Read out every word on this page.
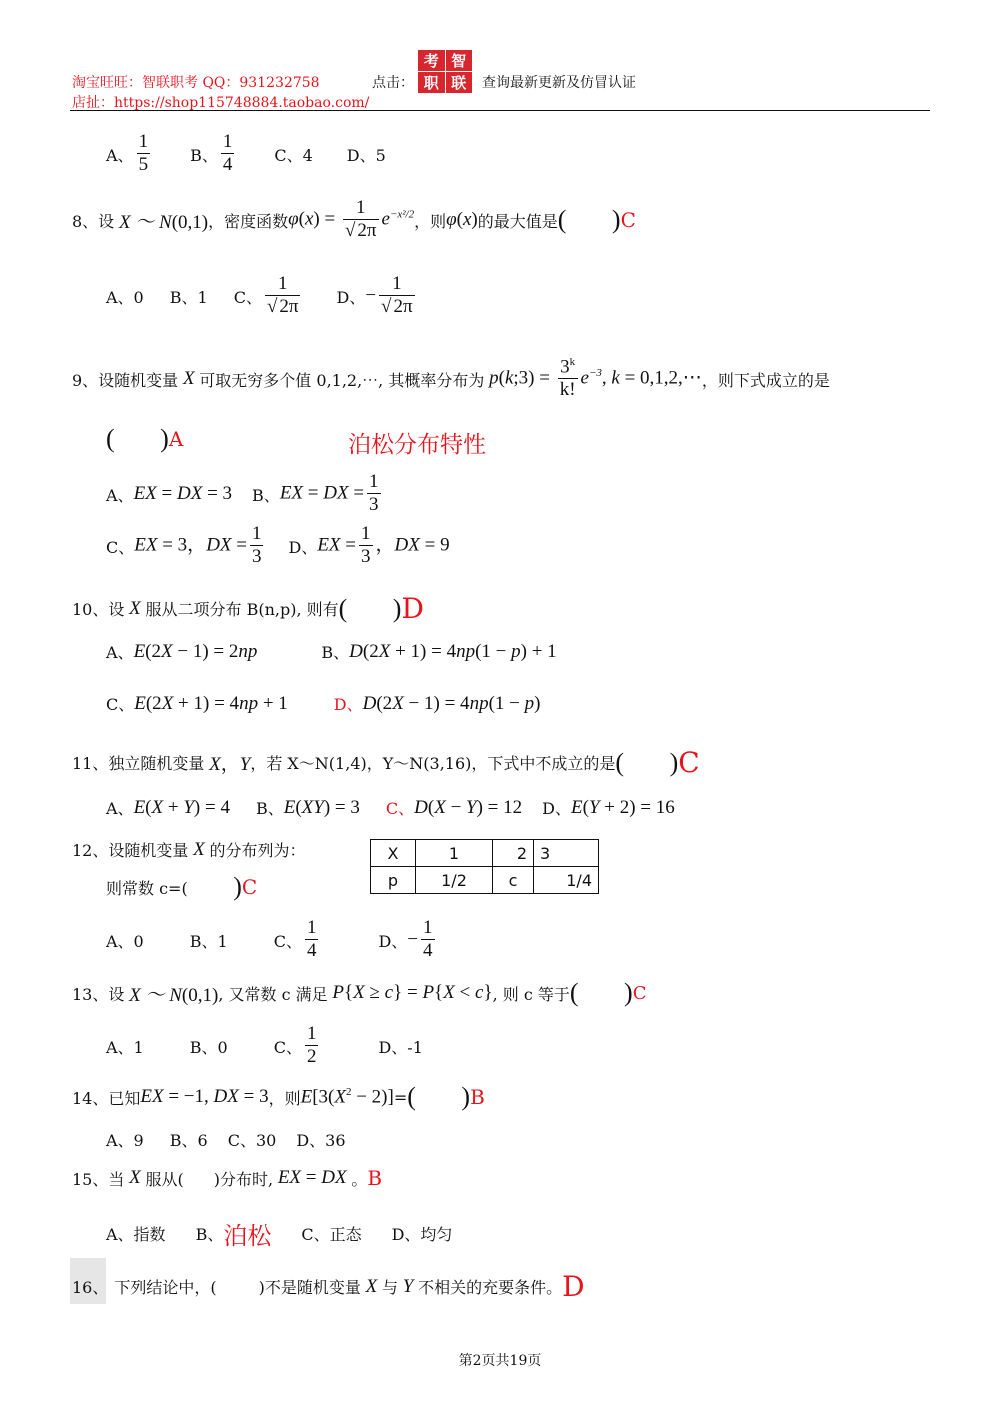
淘宝旺旺：智联职考 QQ：931232758
店扯：https://shop115748884.taobao.com/
点击：
考 智
职 联	查询最新更新及仿冒认证
A、 $\frac{1}{5}$	B、 $\frac{1}{4}$	C、4 D、5
8、设 X ～ N(0,1) ，密度函数 $\varphi(x) = \frac{1}{√ 2\pi} e^{-x^2/2}$ ，则 φ(x) 的最大值是 (       ) C
A、0 B、1 C、 $\frac{1}{√ 2\pi}$ D、 − $\frac{1}{√ 2\pi}$
9、设随机变量 X 可取无穷多个值 0,1,2,⋯, 其概率分布为 p(k;3) = $\frac{3^k}{k!} e^{-3}$, k = 0,1,2,⋯ ，则下式成立的是
(       ) A	泊松分布特性
A、 EX = DX = 3 B、 EX = DX = $\frac{1}{3}$
C、 EX = 3，DX = $\frac{1}{3}$ D、 EX = $\frac{1}{3}$ ，DX = 9
10、设 X 服从二项分布 B(n,p), 则有 (       ) D
A、 E(2X − 1) = 2np	B、 D(2X + 1) = 4np(1 − p) + 1
C、 E(2X + 1) = 4np + 1	D、 D(2X − 1) = 4np(1 − p)
11、独立随机变量 X，Y ，若 X～N(1,4)，Y～N(3,16)，下式中不成立的是 (       ) C
A、 E(X + Y) = 4 B、 E(XY) = 3 C、 D(X − Y) = 12 D、 E(Y + 2) = 16
12、设随机变量 X 的分布列为：
则常数 c=( ) C
X	1	2	3
p	1/2	c	1/4
A、0	B、1	C、 $\frac{1}{4}$	D、 − $\frac{1}{4}$
13、设 X ～ N(0,1) , 又常数 c 满足 P{X ≥ c} = P{X < c} , 则 c 等于 (       ) C
A、1	B、0	C、 $\frac{1}{2}$	D、-1
14、已知 EX = −1, DX = 3 ，则 $E[3(X^2 - 2)]$ = (       ) B
A、9 B、6 C、30 D、36
15、当 X 服从( )分布时, EX = DX 。 B
A、指数 B、 泊松 C、正态 D、均匀
16、 下列结论中，(	)不是随机变量 X 与 Y 不相关的充要条件。 D
第2页共19页
